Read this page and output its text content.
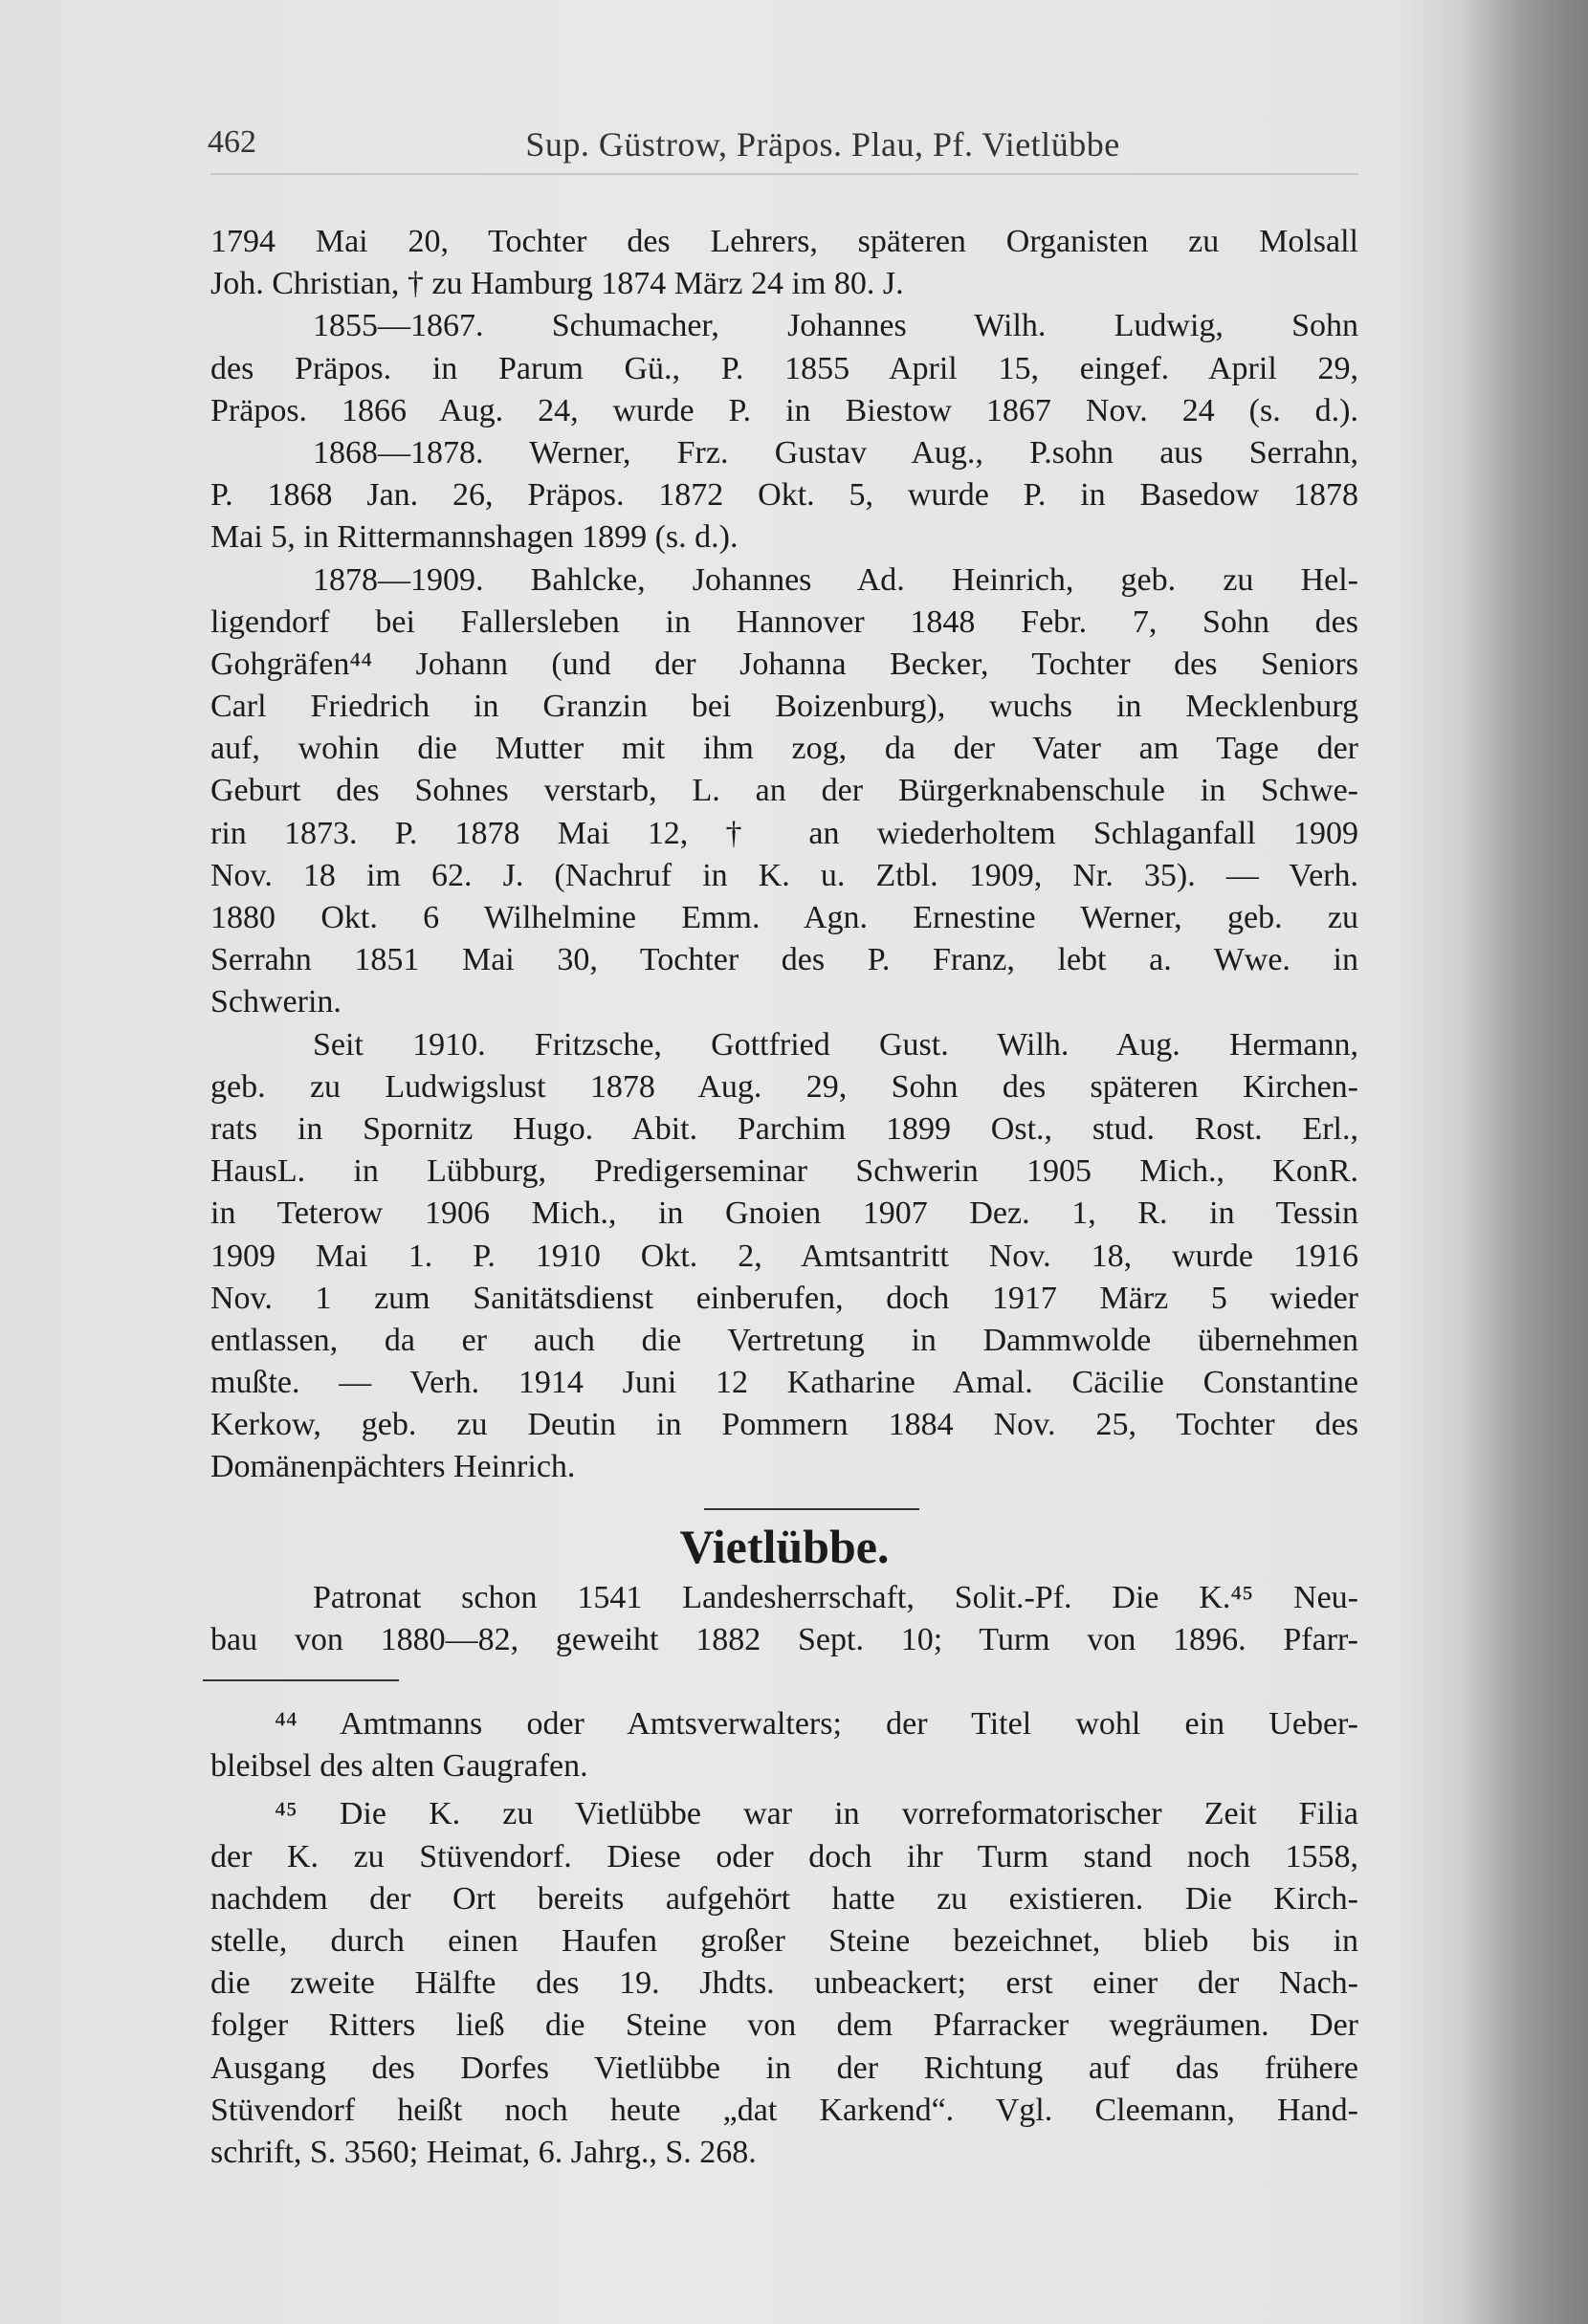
462	Sup. Güstrow, Präpos. Plau, Pf. Vietlübbe
1794 Mai 20, Tochter des Lehrers, späteren Organisten zu Molsall
Joh. Christian, † zu Hamburg 1874 März 24 im 80. J.
1855—1867. Schumacher, Johannes Wilh. Ludwig, Sohn
des Präpos. in Parum Gü., P. 1855 April 15, eingef. April 29,
Präpos. 1866 Aug. 24, wurde P. in Biestow 1867 Nov. 24 (s. d.).
1868—1878. Werner, Frz. Gustav Aug., P.sohn aus Serrahn,
P. 1868 Jan. 26, Präpos. 1872 Okt. 5, wurde P. in Basedow 1878
Mai 5, in Rittermannshagen 1899 (s. d.).
1878—1909. Bahlcke, Johannes Ad. Heinrich, geb. zu Hel-
ligendorf bei Fallersleben in Hannover 1848 Febr. 7, Sohn des
Gohgräfen⁴⁴ Johann (und der Johanna Becker, Tochter des Seniors
Carl Friedrich in Granzin bei Boizenburg), wuchs in Mecklenburg
auf, wohin die Mutter mit ihm zog, da der Vater am Tage der
Geburt des Sohnes verstarb, L. an der Bürgerknabenschule in Schwe-
rin 1873. P. 1878 Mai 12, † an wiederholtem Schlaganfall 1909
Nov. 18 im 62. J. (Nachruf in K. u. Ztbl. 1909, Nr. 35). — Verh.
1880 Okt. 6 Wilhelmine Emm. Agn. Ernestine Werner, geb. zu
Serrahn 1851 Mai 30, Tochter des P. Franz, lebt a. Wwe. in
Schwerin.
Seit 1910. Fritzsche, Gottfried Gust. Wilh. Aug. Hermann,
geb. zu Ludwigslust 1878 Aug. 29, Sohn des späteren Kirchen-
rats in Spornitz Hugo. Abit. Parchim 1899 Ost., stud. Rost. Erl.,
HausL. in Lübburg, Predigerseminar Schwerin 1905 Mich., KonR.
in Teterow 1906 Mich., in Gnoien 1907 Dez. 1, R. in Tessin
1909 Mai 1. P. 1910 Okt. 2, Amtsantritt Nov. 18, wurde 1916
Nov. 1 zum Sanitätsdienst einberufen, doch 1917 März 5 wieder
entlassen, da er auch die Vertretung in Dammwolde übernehmen
mußte. — Verh. 1914 Juni 12 Katharine Amal. Cäcilie Constantine
Kerkow, geb. zu Deutin in Pommern 1884 Nov. 25, Tochter des
Domänenpächters Heinrich.
Vietlübbe.
Patronat schon 1541 Landesherrschaft, Solit.-Pf. Die K.⁴⁵ Neu-
bau von 1880—82, geweiht 1882 Sept. 10; Turm von 1896. Pfarr-
⁴⁴ Amtmanns oder Amtsverwalters; der Titel wohl ein Ueber-
bleibsel des alten Gaugrafen.
⁴⁵ Die K. zu Vietlübbe war in vorreformatorischer Zeit Filia
der K. zu Stüvendorf. Diese oder doch ihr Turm stand noch 1558,
nachdem der Ort bereits aufgehört hatte zu existieren. Die Kirch-
stelle, durch einen Haufen großer Steine bezeichnet, blieb bis in
die zweite Hälfte des 19. Jhdts. unbeackert; erst einer der Nach-
folger Ritters ließ die Steine von dem Pfarracker wegräumen. Der
Ausgang des Dorfes Vietlübbe in der Richtung auf das frühere
Stüvendorf heißt noch heute „dat Karkend“. Vgl. Cleemann, Hand-
schrift, S. 3560; Heimat, 6. Jahrg., S. 268.
